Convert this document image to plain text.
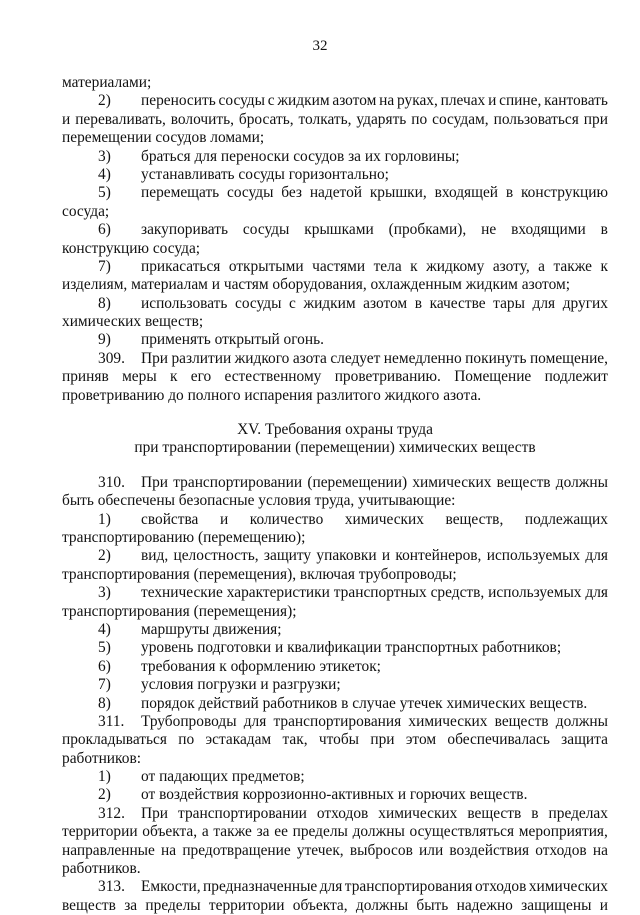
32
материалами;
2)	переносить сосуды с жидким азотом на руках, плечах и спине, кантовать
и переваливать, волочить, бросать, толкать, ударять по сосудам, пользоваться при
перемещении сосудов ломами;
3)	браться для переноски сосудов за их горловины;
4)	устанавливать сосуды горизонтально;
5)	перемещать сосуды без надетой крышки, входящей в конструкцию
сосуда;
6)	закупоривать сосуды крышками (пробками), не входящими в
конструкцию сосуда;
7)	прикасаться открытыми частями тела к жидкому азоту, а также к
изделиям, материалам и частям оборудования, охлажденным жидким азотом;
8)	использовать сосуды с жидким азотом в качестве тары для других
химических веществ;
9)	применять открытый огонь.
309.	При разлитии жидкого азота следует немедленно покинуть помещение,
приняв меры к его естественному проветриванию. Помещение подлежит
проветриванию до полного испарения разлитого жидкого азота.
XV. Требования охраны труда
при транспортировании (перемещении) химических веществ
310.	При транспортировании (перемещении) химических веществ должны
быть обеспечены безопасные условия труда, учитывающие:
1)	свойства и количество химических веществ, подлежащих
транспортированию (перемещению);
2)	вид, целостность, защиту упаковки и контейнеров, используемых для
транспортирования (перемещения), включая трубопроводы;
3)	технические характеристики транспортных средств, используемых для
транспортирования (перемещения);
4)	маршруты движения;
5)	уровень подготовки и квалификации транспортных работников;
6)	требования к оформлению этикеток;
7)	условия погрузки и разгрузки;
8)	порядок действий работников в случае утечек химических веществ.
311.	Трубопроводы для транспортирования химических веществ должны
прокладываться по эстакадам так, чтобы при этом обеспечивалась защита
работников:
1)	от падающих предметов;
2)	от воздействия коррозионно-активных и горючих веществ.
312.	При транспортировании отходов химических веществ в пределах
территории объекта, а также за ее пределы должны осуществляться мероприятия,
направленные на предотвращение утечек, выбросов или воздействия отходов на
работников.
313.	Емкости, предназначенные для транспортирования отходов химических
веществ за пределы территории объекта, должны быть надежно защищены и
